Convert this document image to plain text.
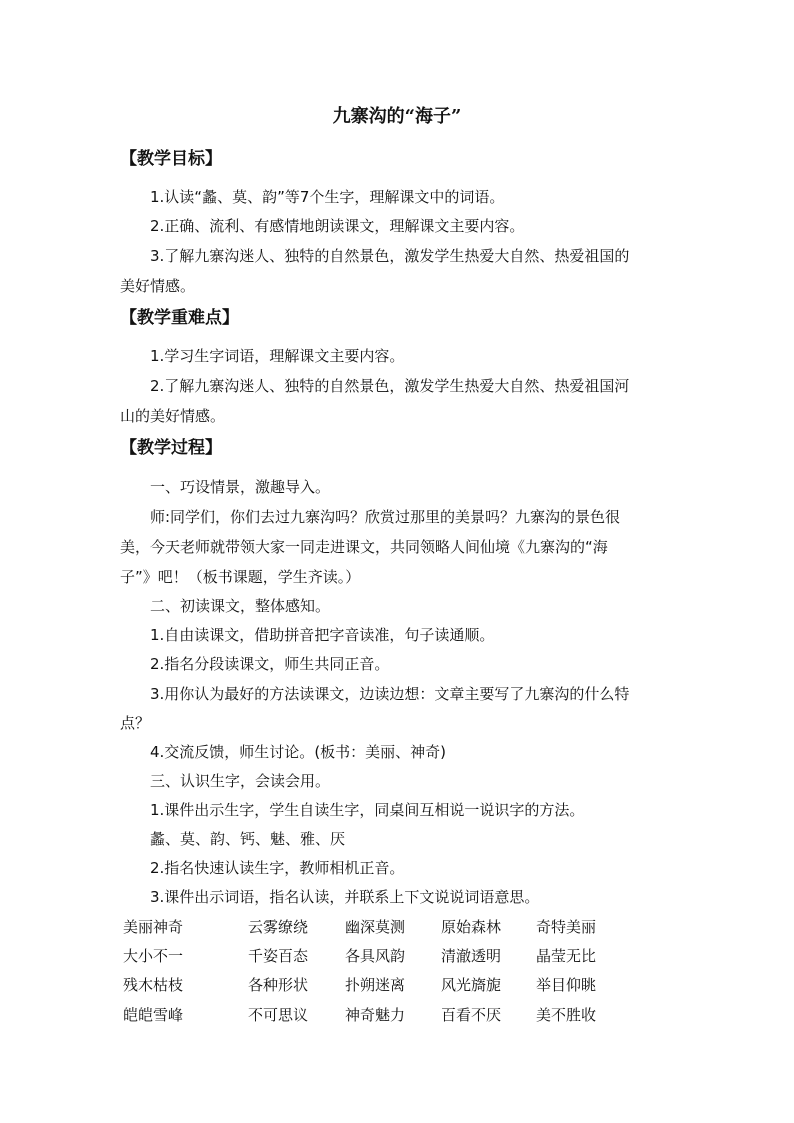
九寨沟的“海子”
【教学目标】
1.认读“蠡、莫、韵”等7个生字，理解课文中的词语。
2.正确、流利、有感情地朗读课文，理解课文主要内容。
3.了解九寨沟迷人、独特的自然景色，激发学生热爱大自然、热爱祖国的
美好情感。
【教学重难点】
1.学习生字词语，理解课文主要内容。
2.了解九寨沟迷人、独特的自然景色，激发学生热爱大自然、热爱祖国河
山的美好情感。
【教学过程】
一、巧设情景，激趣导入。
师:同学们，你们去过九寨沟吗？欣赏过那里的美景吗？九寨沟的景色很
美，今天老师就带领大家一同走进课文，共同领略人间仙境《九寨沟的“海
子”》吧！（板书课题，学生齐读。）
二、初读课文，整体感知。
1.自由读课文，借助拼音把字音读准，句子读通顺。
2.指名分段读课文，师生共同正音。
3.用你认为最好的方法读课文，边读边想：文章主要写了九寨沟的什么特
点？
4.交流反馈，师生讨论。(板书：美丽、神奇)
三、认识生字，会读会用。
1.课件出示生字，学生自读生字，同桌间互相说一说识字的方法。
蠡、莫、韵、钙、魅、雅、厌
2.指名快速认读生字，教师相机正音。
3.课件出示词语，指名认读，并联系上下文说说词语意思。
美丽神奇	云雾缭绕 幽深莫测 原始森林 奇特美丽
大小不一	千姿百态 各具风韵 清澈透明 晶莹无比
残木枯枝	各种形状 扑朔迷离 风光旖旎 举目仰眺
皑皑雪峰	不可思议 神奇魅力 百看不厌 美不胜收
